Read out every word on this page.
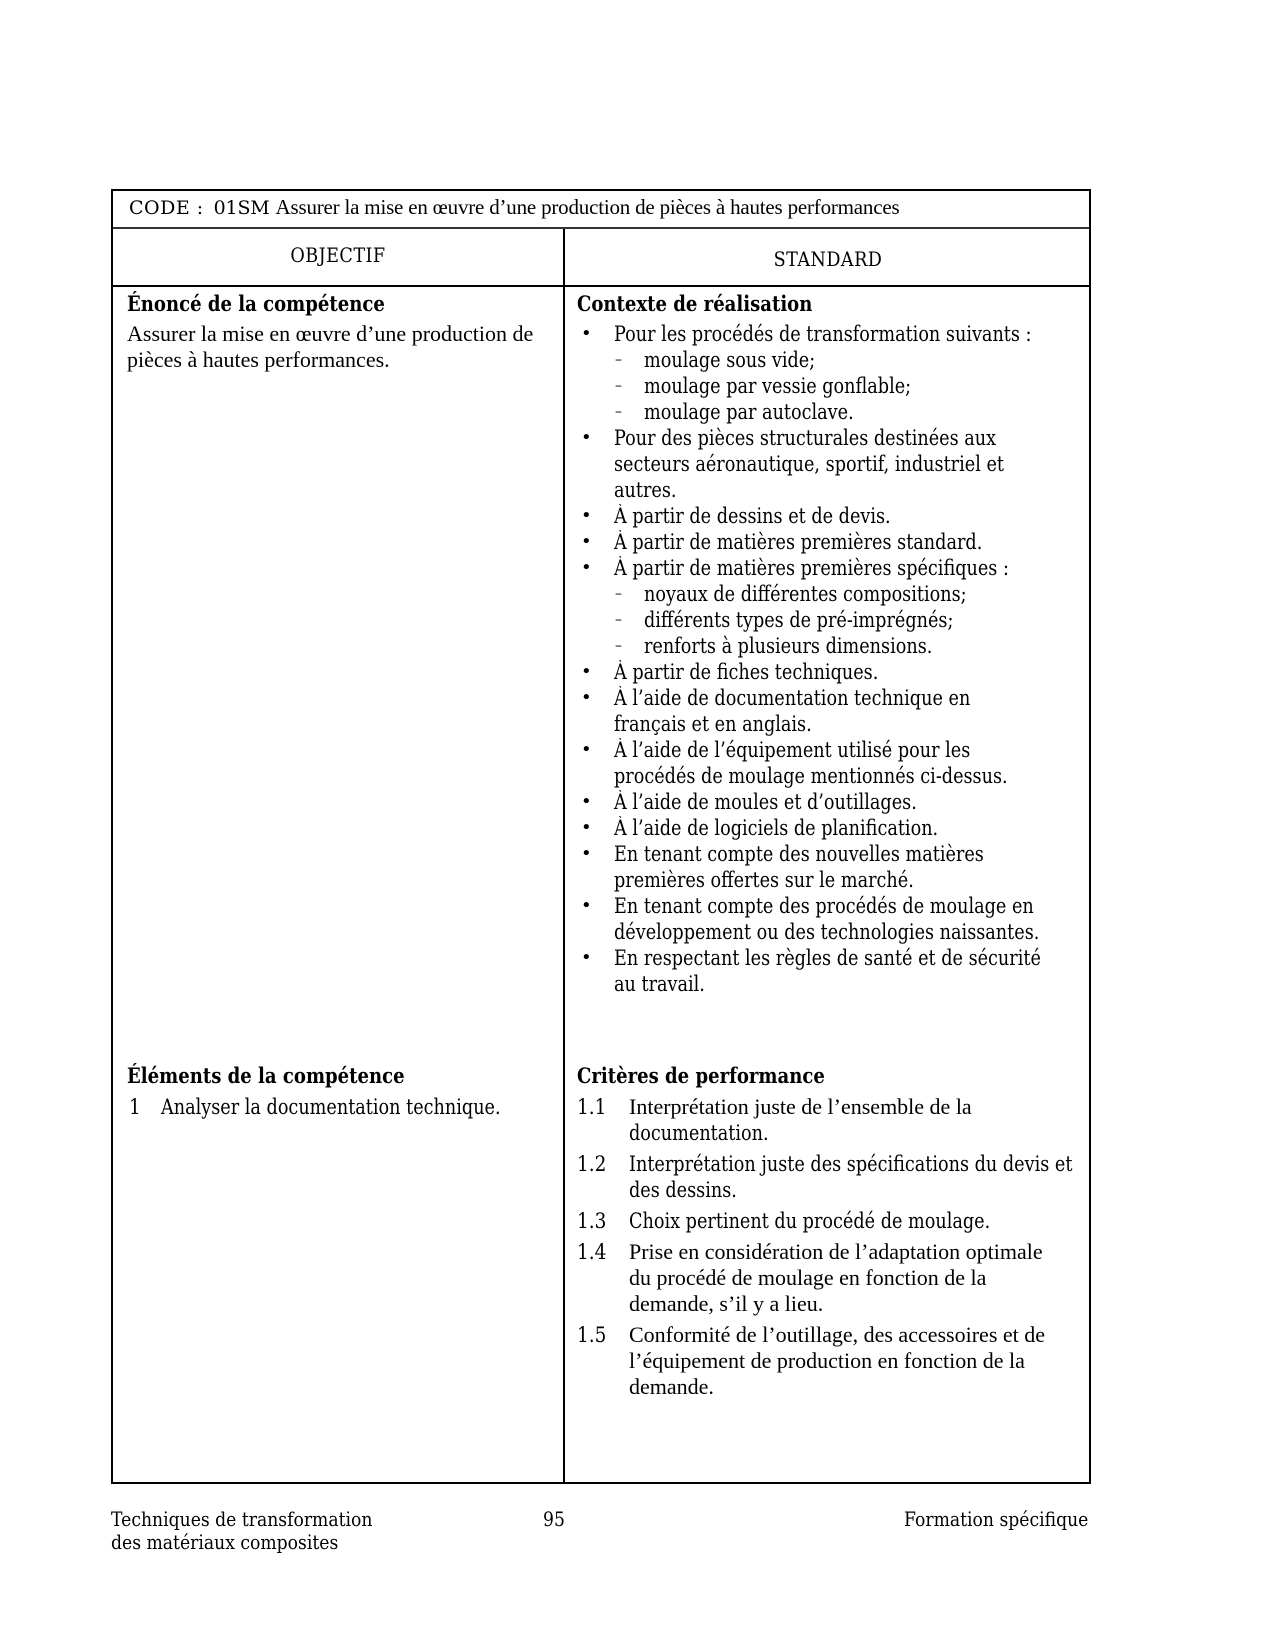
CODE : 01SM Assurer la mise en œuvre d’une production de pièces à hautes performances
OBJECTIF	STANDARD
Énoncé de la compétence
Assurer la mise en œuvre d’une production de
pièces à hautes performances.
Éléments de la compétence
1 Analyser la documentation technique.
Contexte de réalisation
• Pour les procédés de transformation suivants :
– moulage sous vide;
– moulage par vessie gonflable;
– moulage par autoclave.
• Pour des pièces structurales destinées aux
secteurs aéronautique, sportif, industriel et
autres.
• À partir de dessins et de devis.
• À partir de matières premières standard.
• À partir de matières premières spécifiques :
– noyaux de différentes compositions;
– différents types de pré-imprégnés;
– renforts à plusieurs dimensions.
• À partir de fiches techniques.
• À l’aide de documentation technique en
français et en anglais.
• À l’aide de l’équipement utilisé pour les
procédés de moulage mentionnés ci-dessus.
• À l’aide de moules et d’outillages.
• À l’aide de logiciels de planification.
• En tenant compte des nouvelles matières
premières offertes sur le marché.
• En tenant compte des procédés de moulage en
développement ou des technologies naissantes.
• En respectant les règles de santé et de sécurité
au travail.
Critères de performance
1.1 Interprétation juste de l’ensemble de la
documentation.
1.2 Interprétation juste des spécifications du devis et
des dessins.
1.3 Choix pertinent du procédé de moulage.
1.4 Prise en considération de l’adaptation optimale
du procédé de moulage en fonction de la
demande, s’il y a lieu.
1.5 Conformité de l’outillage, des accessoires et de
l’équipement de production en fonction de la
demande.
Techniques de transformation
des matériaux composites
95	Formation spécifique
